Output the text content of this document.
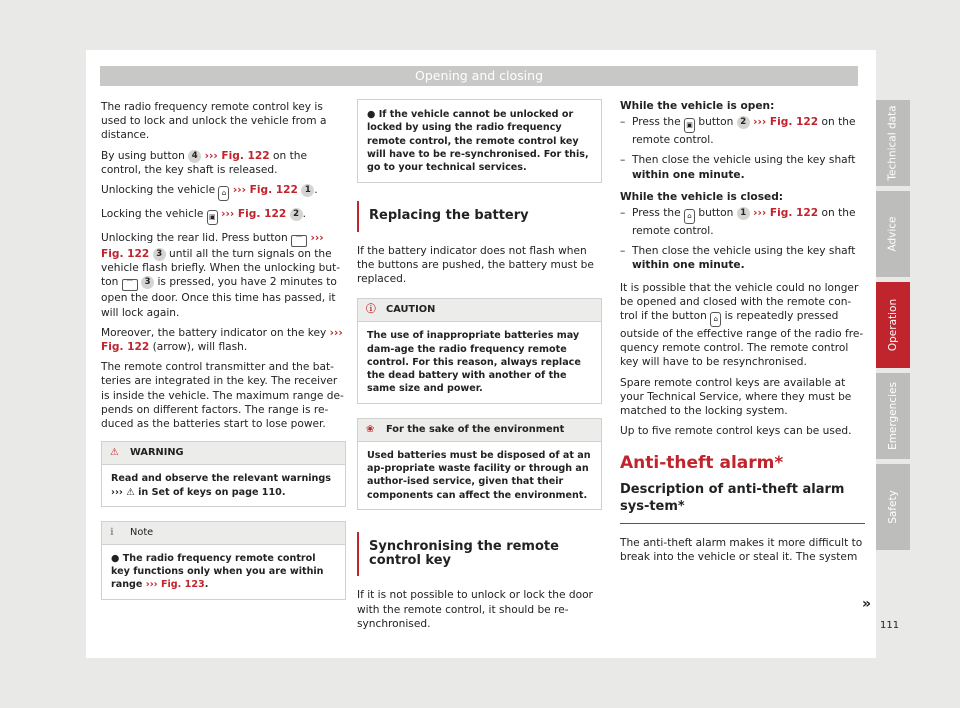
Opening and closing

The radio frequency remote control key is used to lock and unlock the vehicle from a distance.

By using button 4 ››› Fig. 122 on the control, the key shaft is released.

Unlocking the vehicle ⌂ ››› Fig. 122 1 .

Locking the vehicle ▣ ››› Fig. 122 2 .

Unlocking the rear lid. Press button ⌒ ››› Fig. 122 3 until all the turn signals on the vehicle flash briefly. When the unlocking but-ton ⌒ 3 is pressed, you have 2 minutes to open the door. Once this time has passed, it will lock again.

Moreover, the battery indicator on the key ››› Fig. 122 (arrow), will flash.

The remote control transmitter and the bat-teries are integrated in the key. The receiver is inside the vehicle. The maximum range de-pends on different factors. The range is re-duced as the batteries start to lose power.

⚠ WARNING
Read and observe the relevant warnings ››› ⚠ in Set of keys on page 110.
ℹ Note
● The radio frequency remote control key functions only when you are within range ››› Fig. 123.
● If the vehicle cannot be unlocked or locked by using the radio frequency remote control, the remote control key will have to be re-synchronised. For this, go to your technical services.
Replacing the battery

If the battery indicator does not flash when the buttons are pushed, the battery must be replaced.

ⓘ CAUTION
The use of inappropriate batteries may dam-age the radio frequency remote control. For this reason, always replace the dead battery with another of the same size and power.
❀ For the sake of the environment
Used batteries must be disposed of at an ap-propriate waste facility or through an author-ised service, given that their components can affect the environment.
Synchronising the remote control key

If it is not possible to unlock or lock the door with the remote control, it should be re-synchronised.

While the vehicle is open:

– Press the ▣ button 2 ››› Fig. 122 on the remote control.

– Then close the vehicle using the key shaft within one minute.

While the vehicle is closed:

– Press the ⌂ button 1 ››› Fig. 122 on the remote control.

– Then close the vehicle using the key shaft within one minute.

It is possible that the vehicle could no longer be opened and closed with the remote con-trol if the button ⌂ is repeatedly pressed outside of the effective range of the radio fre-quency remote control. The remote control key will have to be resynchronised.

Spare remote control keys are available at your Technical Service, where they must be matched to the locking system.

Up to five remote control keys can be used.

Anti-theft alarm*
Description of anti-theft alarm sys-tem*

The anti-theft alarm makes it more difficult to break into the vehicle or steal it. The system

»
Technical data
Advice
Operation
Emergencies
Safety
111
